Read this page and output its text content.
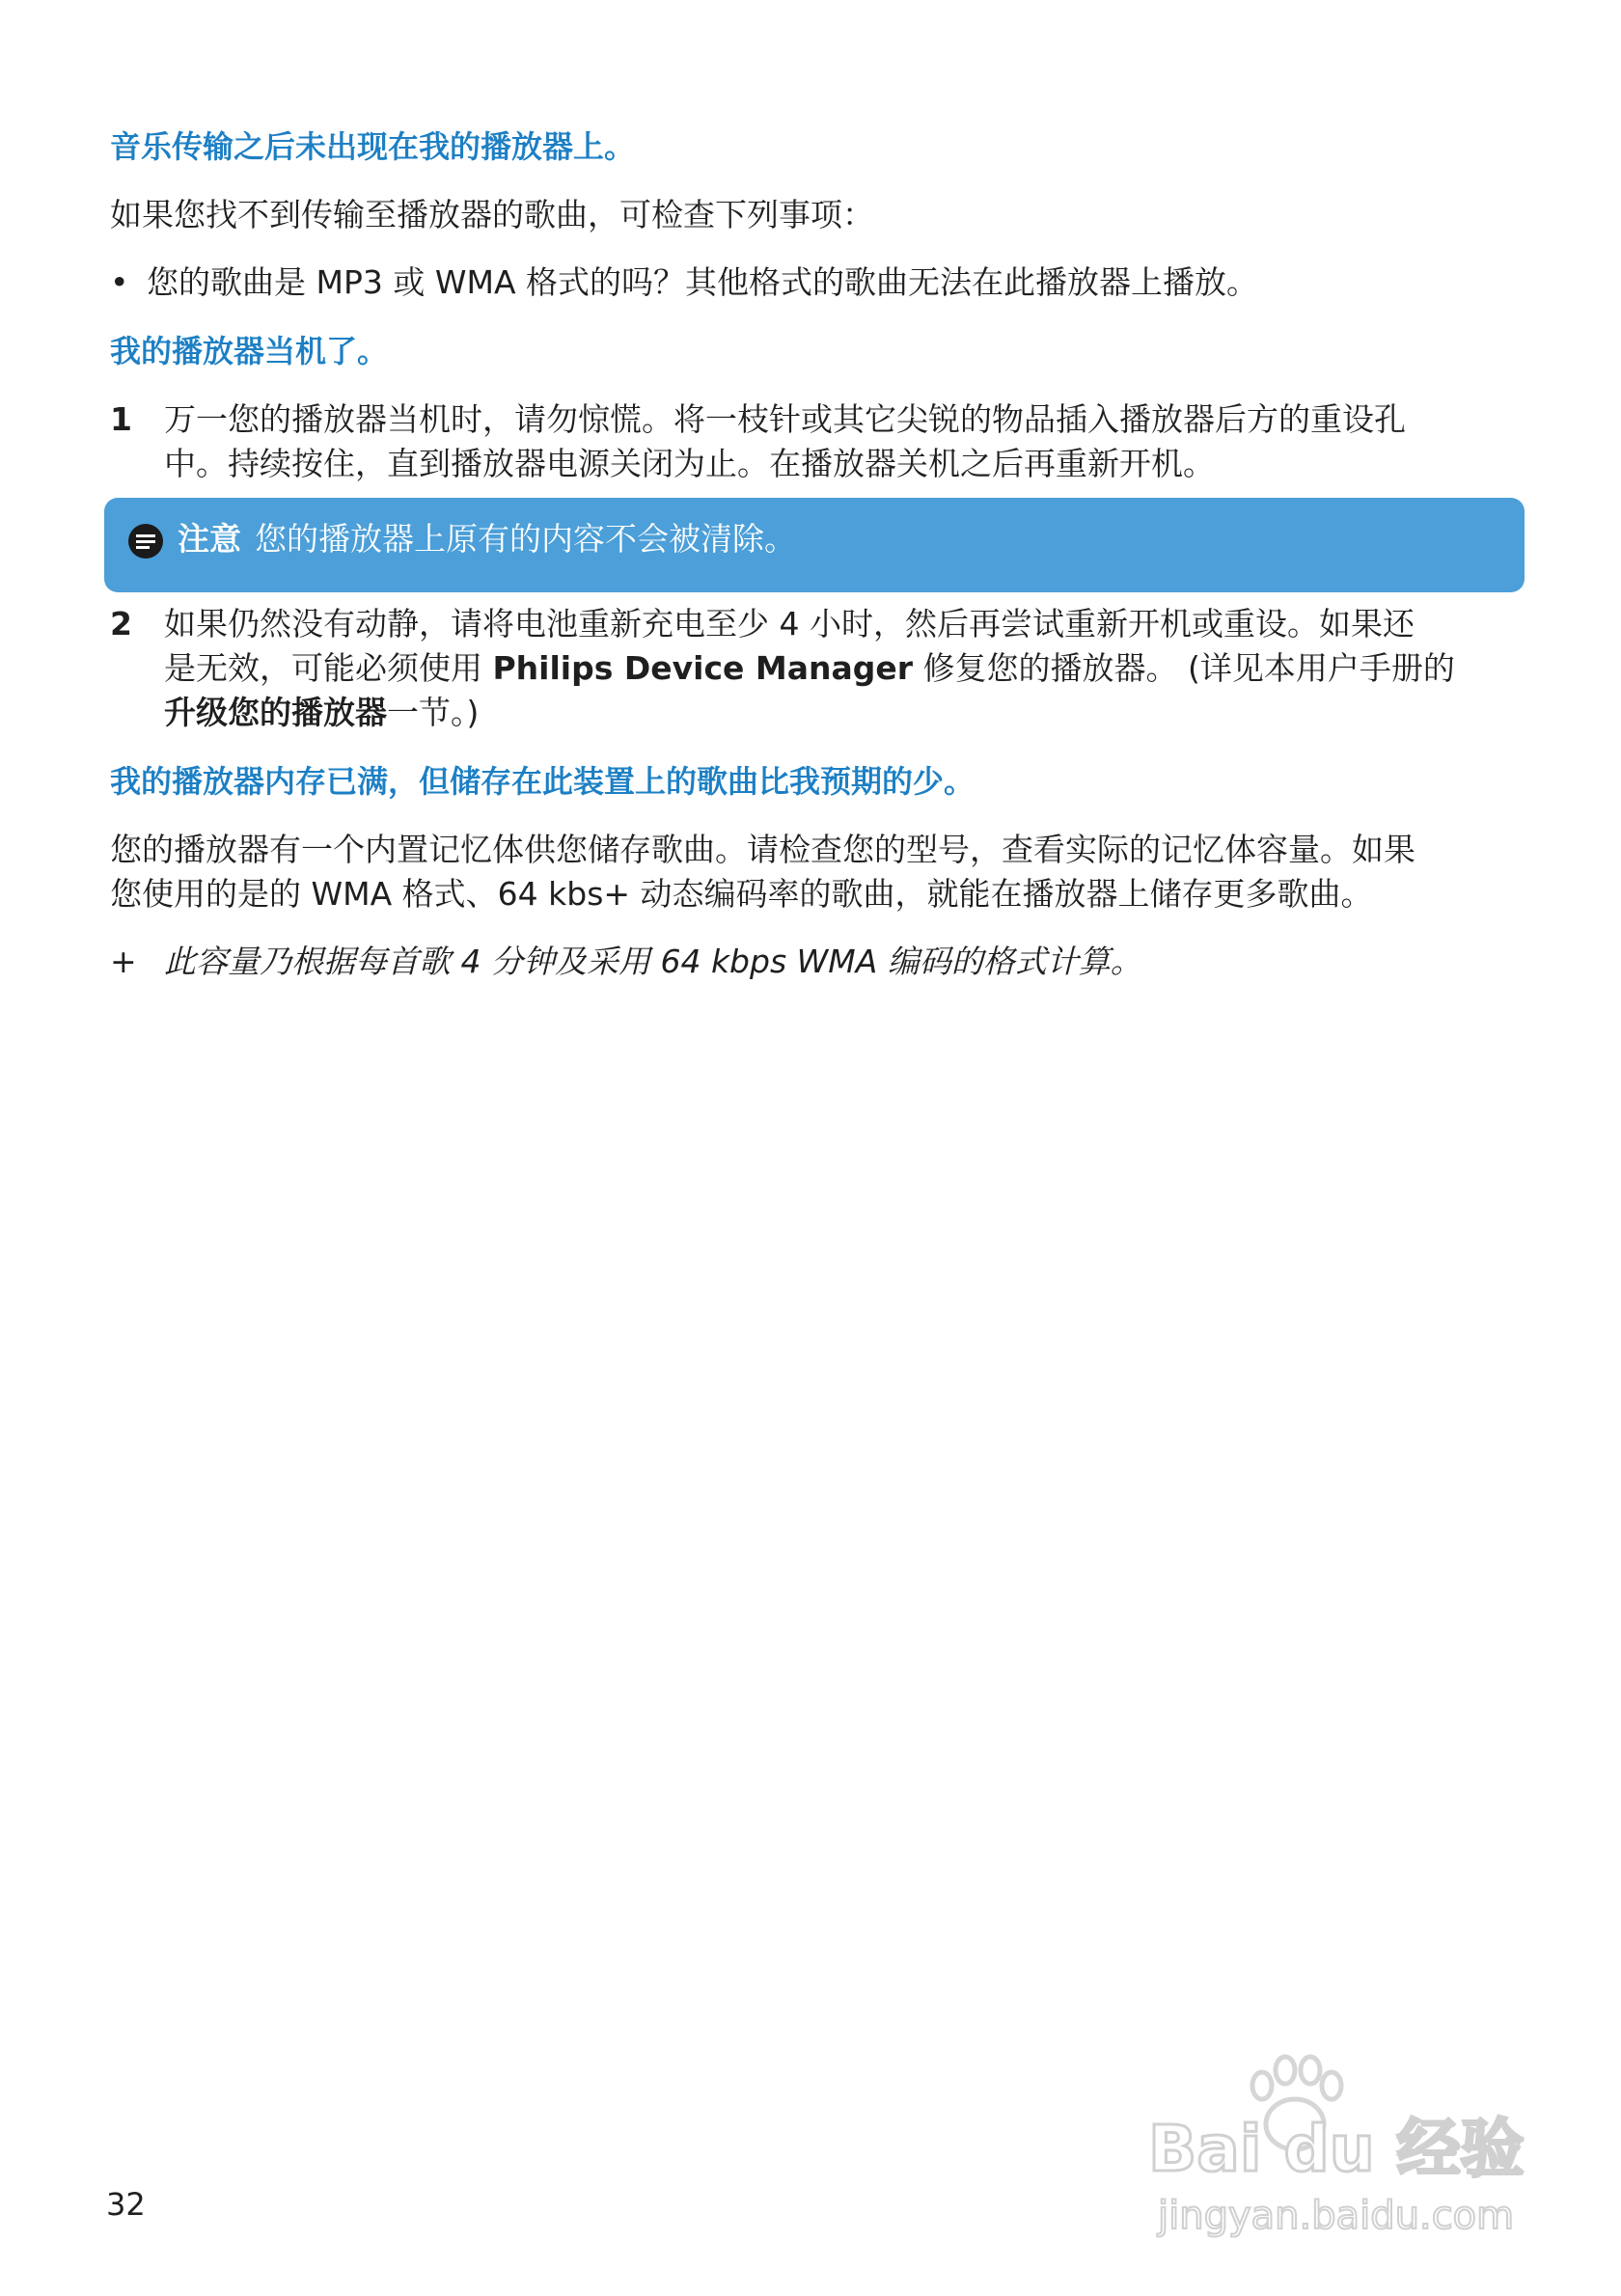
音乐传输之后未出现在我的播放器上。
如果您找不到传输至播放器的歌曲，可检查下列事项：
• 您的歌曲是 MP3 或 WMA 格式的吗？其他格式的歌曲无法在此播放器上播放。
我的播放器当机了。
1 万一您的播放器当机时，请勿惊慌。将一枝针或其它尖锐的物品插入播放器后方的重设孔
中。持续按住，直到播放器电源关闭为止。在播放器关机之后再重新开机。
注意 您的播放器上原有的内容不会被清除。
2 如果仍然没有动静，请将电池重新充电至少 4 小时，然后再尝试重新开机或重设。如果还
是无效，可能必须使用 Philips Device Manager 修复您的播放器。 (详见本用户手册的
升级您的播放器一节。)
我的播放器内存已满，但储存在此装置上的歌曲比我预期的少。
您的播放器有一个内置记忆体供您储存歌曲。请检查您的型号，查看实际的记忆体容量。如果
您使用的是的 WMA 格式、64 kbs+ 动态编码率的歌曲，就能在播放器上储存更多歌曲。
+ 此容量乃根据每首歌 4 分钟及采用 64 kbps WMA 编码的格式计算。
32
Bai du 经验
jingyan.baidu.com
